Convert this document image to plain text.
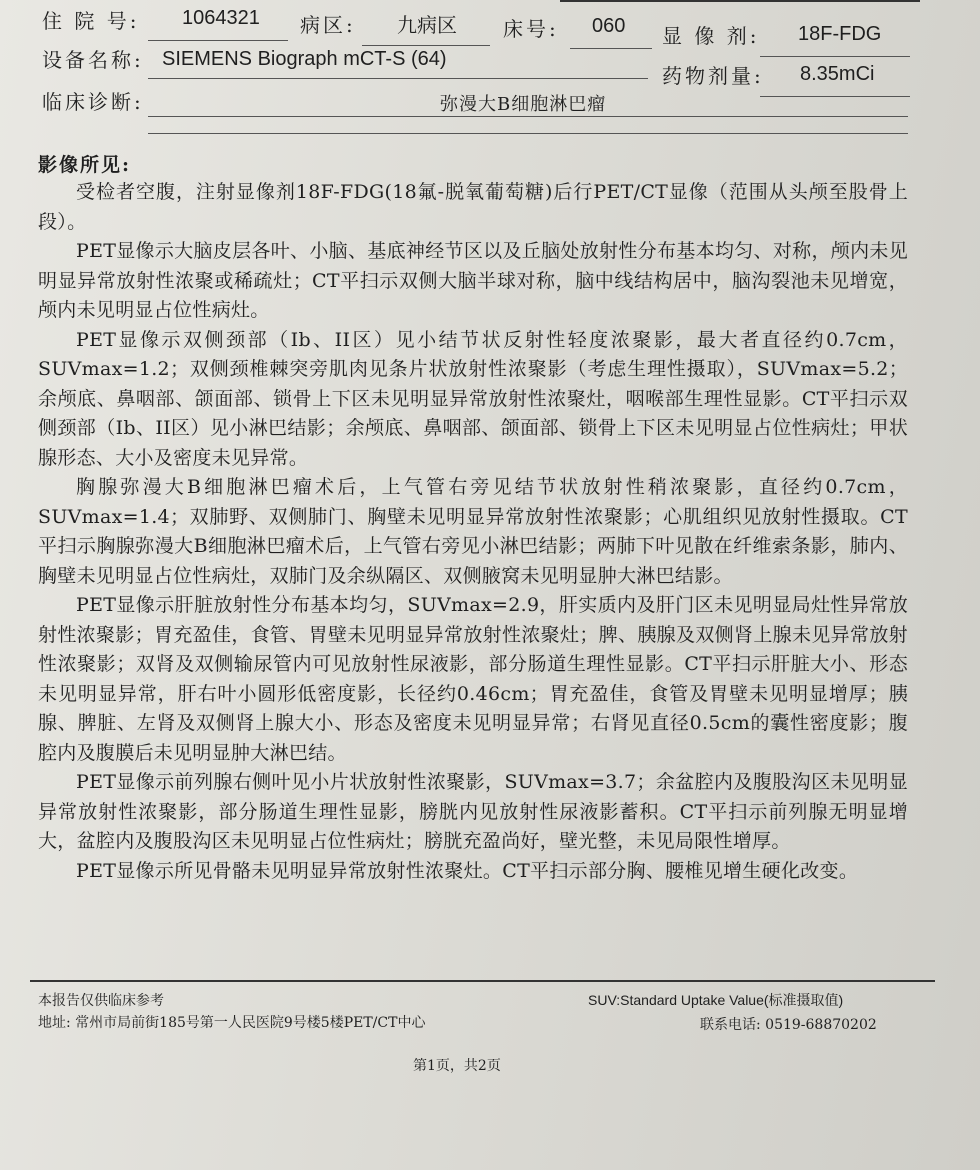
住 院 号: 1064321 病区: 九病区 床号: 060 显 像 剂: 18F-FDG
设备名称: SIEMENS Biograph mCT-S (64)
药物剂量: 8.35mCi
临床诊断:	弥漫大B细胞淋巴瘤
影像所见:

受检者空腹，注射显像剂18F-FDG(18氟-脱氧葡萄糖)后行PET/CT显像（范围从头颅至股骨上段）。

PET显像示大脑皮层各叶、小脑、基底神经节区以及丘脑处放射性分布基本均匀、对称，颅内未见明显异常放射性浓聚或稀疏灶；CT平扫示双侧大脑半球对称，脑中线结构居中，脑沟裂池未见增宽，颅内未见明显占位性病灶。

PET显像示双侧颈部（Ib、II区）见小结节状反射性轻度浓聚影，最大者直径约0.7cm，SUVmax=1.2；双侧颈椎棘突旁肌肉见条片状放射性浓聚影（考虑生理性摄取），SUVmax=5.2；余颅底、鼻咽部、颌面部、锁骨上下区未见明显异常放射性浓聚灶，咽喉部生理性显影。CT平扫示双侧颈部（Ib、II区）见小淋巴结影；余颅底、鼻咽部、颌面部、锁骨上下区未见明显占位性病灶；甲状腺形态、大小及密度未见异常。

胸腺弥漫大B细胞淋巴瘤术后，上气管右旁见结节状放射性稍浓聚影，直径约0.7cm，SUVmax=1.4；双肺野、双侧肺门、胸壁未见明显异常放射性浓聚影；心肌组织见放射性摄取。CT平扫示胸腺弥漫大B细胞淋巴瘤术后，上气管右旁见小淋巴结影；两肺下叶见散在纤维索条影，肺内、胸壁未见明显占位性病灶，双肺门及余纵隔区、双侧腋窝未见明显肿大淋巴结影。

PET显像示肝脏放射性分布基本均匀，SUVmax=2.9，肝实质内及肝门区未见明显局灶性异常放射性浓聚影；胃充盈佳，食管、胃壁未见明显异常放射性浓聚灶；脾、胰腺及双侧肾上腺未见异常放射性浓聚影；双肾及双侧输尿管内可见放射性尿液影，部分肠道生理性显影。CT平扫示肝脏大小、形态未见明显异常，肝右叶小圆形低密度影，长径约0.46cm；胃充盈佳，食管及胃壁未见明显增厚；胰腺、脾脏、左肾及双侧肾上腺大小、形态及密度未见明显异常；右肾见直径0.5cm的囊性密度影；腹腔内及腹膜后未见明显肿大淋巴结。

PET显像示前列腺右侧叶见小片状放射性浓聚影，SUVmax=3.7；余盆腔内及腹股沟区未见明显异常放射性浓聚影，部分肠道生理性显影，膀胱内见放射性尿液影蓄积。CT平扫示前列腺无明显增大，盆腔内及腹股沟区未见明显占位性病灶；膀胱充盈尚好，壁光整，未见局限性增厚。

PET显像示所见骨骼未见明显异常放射性浓聚灶。CT平扫示部分胸、腰椎见增生硬化改变。

本报告仅供临床参考	SUV:Standard Uptake Value(标准摄取值)
地址: 常州市局前街185号第一人民医院9号楼5楼PET/CT中心	联系电话: 0519-68870202
第1页，共2页
